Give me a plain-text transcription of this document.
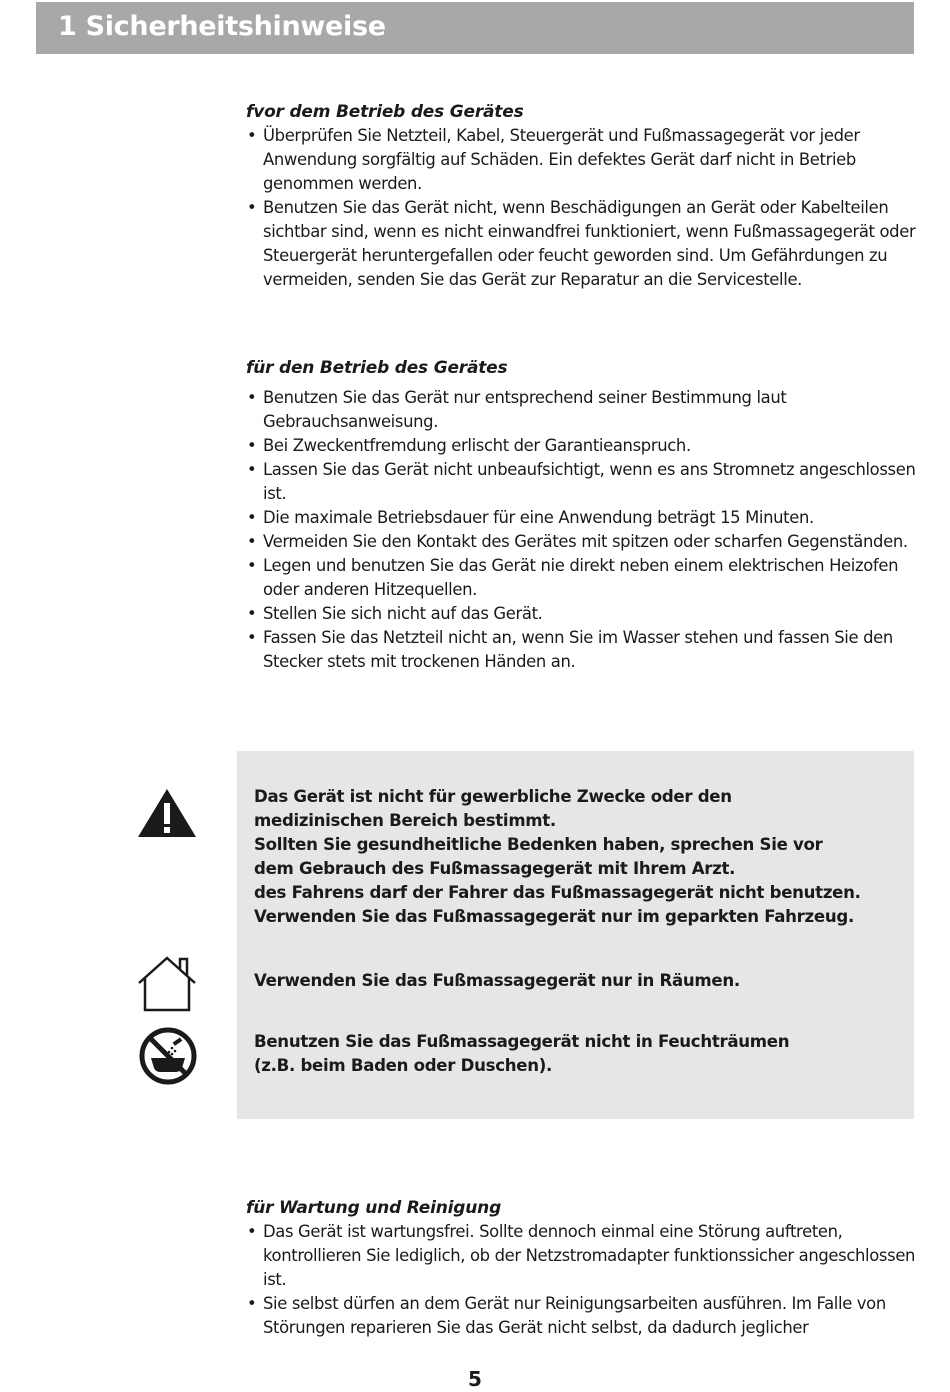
1 Sicherheitshinweise
fvor dem Betrieb des Gerätes
• Überprüfen Sie Netzteil, Kabel, Steuergerät und Fußmassagegerät vor jeder Anwendung sorgfältig auf Schäden. Ein defektes Gerät darf nicht in Betrieb genommen werden.
• Benutzen Sie das Gerät nicht, wenn Beschädigungen an Gerät oder Kabelteilen sichtbar sind, wenn es nicht einwandfrei funktioniert, wenn Fußmassagegerät oder Steuergerät heruntergefallen oder feucht geworden sind. Um Gefährdungen zu vermeiden, senden Sie das Gerät zur Reparatur an die Servicestelle.
für den Betrieb des Gerätes
• Benutzen Sie das Gerät nur entsprechend seiner Bestimmung laut Gebrauchsanweisung.
• Bei Zweckentfremdung erlischt der Garantieanspruch.
• Lassen Sie das Gerät nicht unbeaufsichtigt, wenn es ans Stromnetz angeschlossen ist.
• Die maximale Betriebsdauer für eine Anwendung beträgt 15 Minuten.
• Vermeiden Sie den Kontakt des Gerätes mit spitzen oder scharfen Gegenständen.
• Legen und benutzen Sie das Gerät nie direkt neben einem elektrischen Heizofen oder anderen Hitzequellen.
• Stellen Sie sich nicht auf das Gerät.
• Fassen Sie das Netzteil nicht an, wenn Sie im Wasser stehen und fassen Sie den Stecker stets mit trockenen Händen an.
Das Gerät ist nicht für gewerbliche Zwecke oder den
medizinischen Bereich bestimmt.
Sollten Sie gesundheitliche Bedenken haben, sprechen Sie vor
dem Gebrauch des Fußmassagegerät mit Ihrem Arzt.
des Fahrens darf der Fahrer das Fußmassagegerät nicht benutzen.
Verwenden Sie das Fußmassagegerät nur im geparkten Fahrzeug.
Verwenden Sie das Fußmassagegerät nur in Räumen.
Benutzen Sie das Fußmassagegerät nicht in Feuchträumen
(z.B. beim Baden oder Duschen).
für Wartung und Reinigung
• Das Gerät ist wartungsfrei. Sollte dennoch einmal eine Störung auftreten, kontrollieren Sie lediglich, ob der Netzstromadapter funktionssicher angeschlossen ist.
• Sie selbst dürfen an dem Gerät nur Reinigungsarbeiten ausführen. Im Falle von Störungen reparieren Sie das Gerät nicht selbst, da dadurch jeglicher
5
